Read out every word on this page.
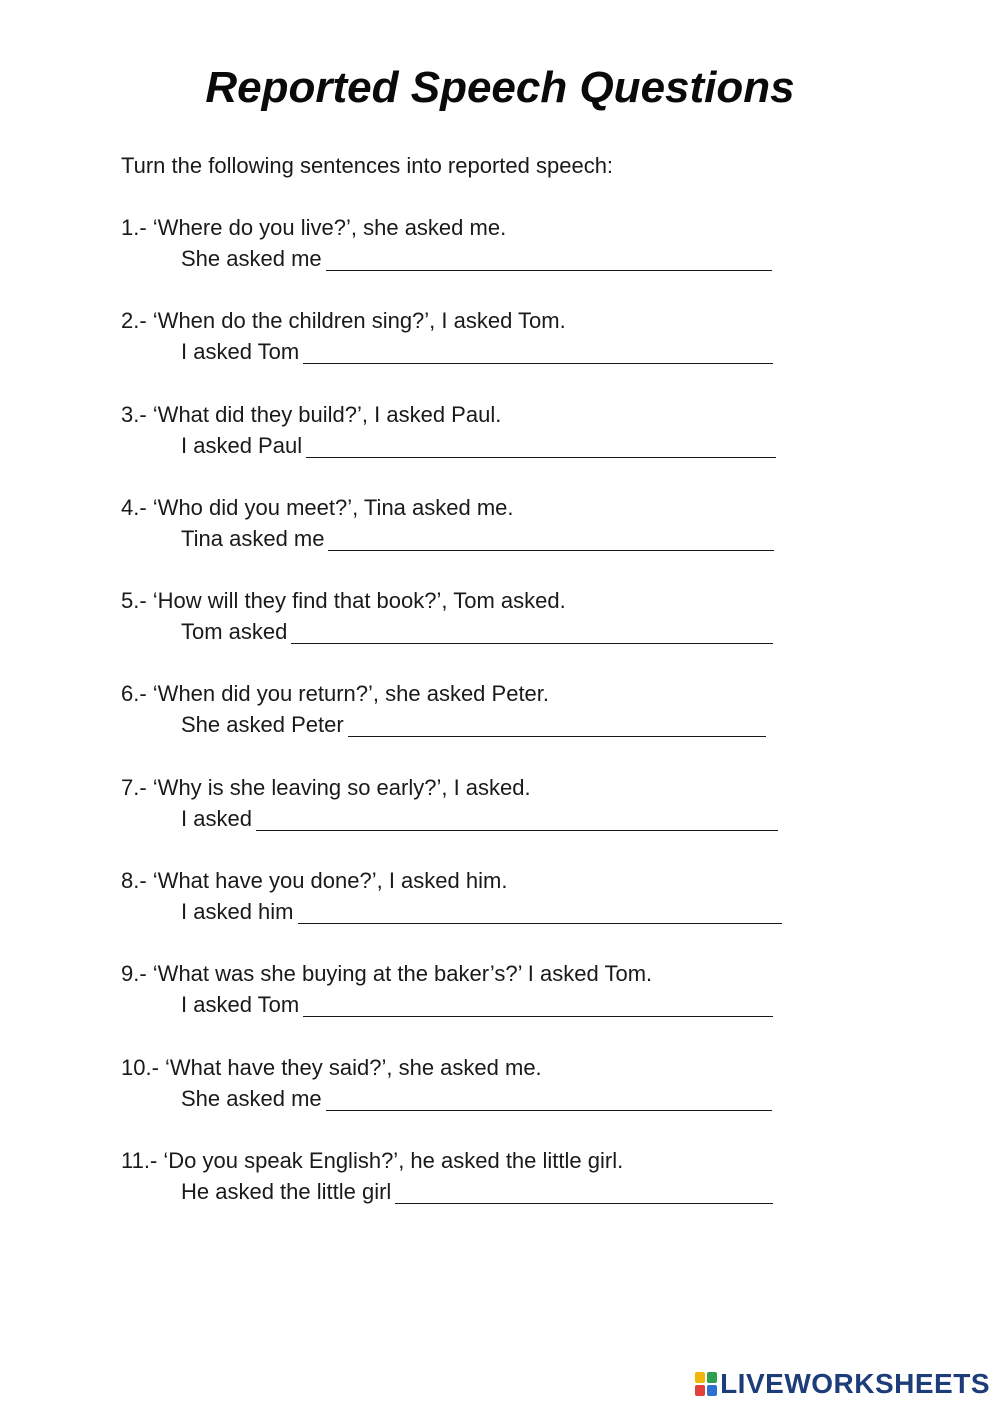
Reported Speech Questions

Turn the following sentences into reported speech:

1.- ‘Where do you live?’, she asked me.
She asked me
2.- ‘When do the children sing?’, I asked Tom.
I asked Tom
3.- ‘What did they build?’, I asked Paul.
I asked Paul
4.- ‘Who did you meet?’, Tina asked me.
Tina asked me
5.- ‘How will they find that book?’, Tom asked.
Tom asked
6.- ‘When did you return?’, she asked Peter.
She asked Peter
7.- ‘Why is she leaving so early?’, I asked.
I asked
8.- ‘What have you done?’, I asked him.
I asked him
9.- ‘What was she buying at the baker’s?’ I asked Tom.
I asked Tom
10.- ‘What have they said?’, she asked me.
She asked me
11.- ‘Do you speak English?’, he asked the little girl.
He asked the little girl
LIVEWORKSHEETS
